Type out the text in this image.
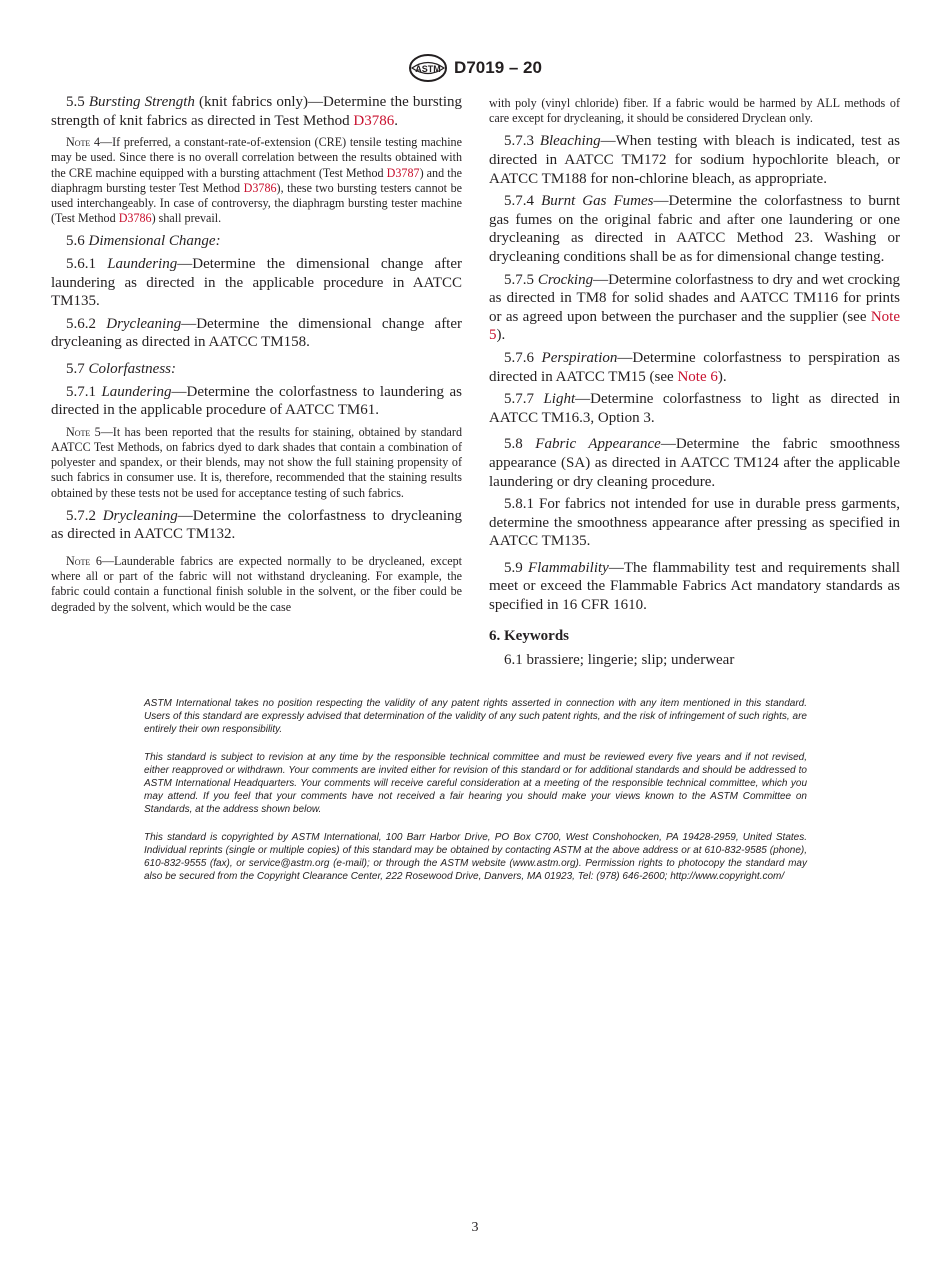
ASTM D7019 – 20

5.5 Bursting Strength (knit fabrics only)—Determine the bursting strength of knit fabrics as directed in Test Method D3786.

Note 4—If preferred, a constant-rate-of-extension (CRE) tensile testing machine may be used. Since there is no overall correlation between the results obtained with the CRE machine equipped with a bursting attachment (Test Method D3787) and the diaphragm bursting tester Test Method D3786), these two bursting testers cannot be used interchangeably. In case of controversy, the diaphragm bursting tester machine (Test Method D3786) shall prevail.

5.6 Dimensional Change:

5.6.1 Laundering—Determine the dimensional change after laundering as directed in the applicable procedure in AATCC TM135.

5.6.2 Drycleaning—Determine the dimensional change after drycleaning as directed in AATCC TM158.

5.7 Colorfastness:

5.7.1 Laundering—Determine the colorfastness to laundering as directed in the applicable procedure of AATCC TM61.

Note 5—It has been reported that the results for staining, obtained by standard AATCC Test Methods, on fabrics dyed to dark shades that contain a combination of polyester and spandex, or their blends, may not show the full staining propensity of such fabrics in consumer use. It is, therefore, recommended that the staining results obtained by these tests not be used for acceptance testing of such fabrics.

5.7.2 Drycleaning—Determine the colorfastness to drycleaning as directed in AATCC TM132.

Note 6—Launderable fabrics are expected normally to be drycleaned, except where all or part of the fabric will not withstand drycleaning. For example, the fabric could contain a functional finish soluble in the solvent, or the fiber could be degraded by the solvent, which would be the case

with poly (vinyl chloride) fiber. If a fabric would be harmed by ALL methods of care except for drycleaning, it should be considered Dryclean only.

5.7.3 Bleaching—When testing with bleach is indicated, test as directed in AATCC TM172 for sodium hypochlorite bleach, or AATCC TM188 for non-chlorine bleach, as appropriate.

5.7.4 Burnt Gas Fumes—Determine the colorfastness to burnt gas fumes on the original fabric and after one laundering or one drycleaning as directed in AATCC Method 23. Washing or drycleaning conditions shall be as for dimensional change testing.

5.7.5 Crocking—Determine colorfastness to dry and wet crocking as directed in TM8 for solid shades and AATCC TM116 for prints or as agreed upon between the purchaser and the supplier (see Note 5).

5.7.6 Perspiration—Determine colorfastness to perspiration as directed in AATCC TM15 (see Note 6).

5.7.7 Light—Determine colorfastness to light as directed in AATCC TM16.3, Option 3.

5.8 Fabric Appearance—Determine the fabric smoothness appearance (SA) as directed in AATCC TM124 after the applicable laundering or dry cleaning procedure.

5.8.1 For fabrics not intended for use in durable press garments, determine the smoothness appearance after pressing as specified in AATCC TM135.

5.9 Flammability—The flammability test and requirements shall meet or exceed the Flammable Fabrics Act mandatory standards as specified in 16 CFR 1610.

6. Keywords

6.1 brassiere; lingerie; slip; underwear

ASTM International takes no position respecting the validity of any patent rights asserted in connection with any item mentioned in this standard. Users of this standard are expressly advised that determination of the validity of any such patent rights, and the risk of infringement of such rights, are entirely their own responsibility.

This standard is subject to revision at any time by the responsible technical committee and must be reviewed every five years and if not revised, either reapproved or withdrawn. Your comments are invited either for revision of this standard or for additional standards and should be addressed to ASTM International Headquarters. Your comments will receive careful consideration at a meeting of the responsible technical committee, which you may attend. If you feel that your comments have not received a fair hearing you should make your views known to the ASTM Committee on Standards, at the address shown below.

This standard is copyrighted by ASTM International, 100 Barr Harbor Drive, PO Box C700, West Conshohocken, PA 19428-2959, United States. Individual reprints (single or multiple copies) of this standard may be obtained by contacting ASTM at the above address or at 610-832-9585 (phone), 610-832-9555 (fax), or service@astm.org (e-mail); or through the ASTM website (www.astm.org). Permission rights to photocopy the standard may also be secured from the Copyright Clearance Center, 222 Rosewood Drive, Danvers, MA 01923, Tel: (978) 646-2600; http://www.copyright.com/

3
